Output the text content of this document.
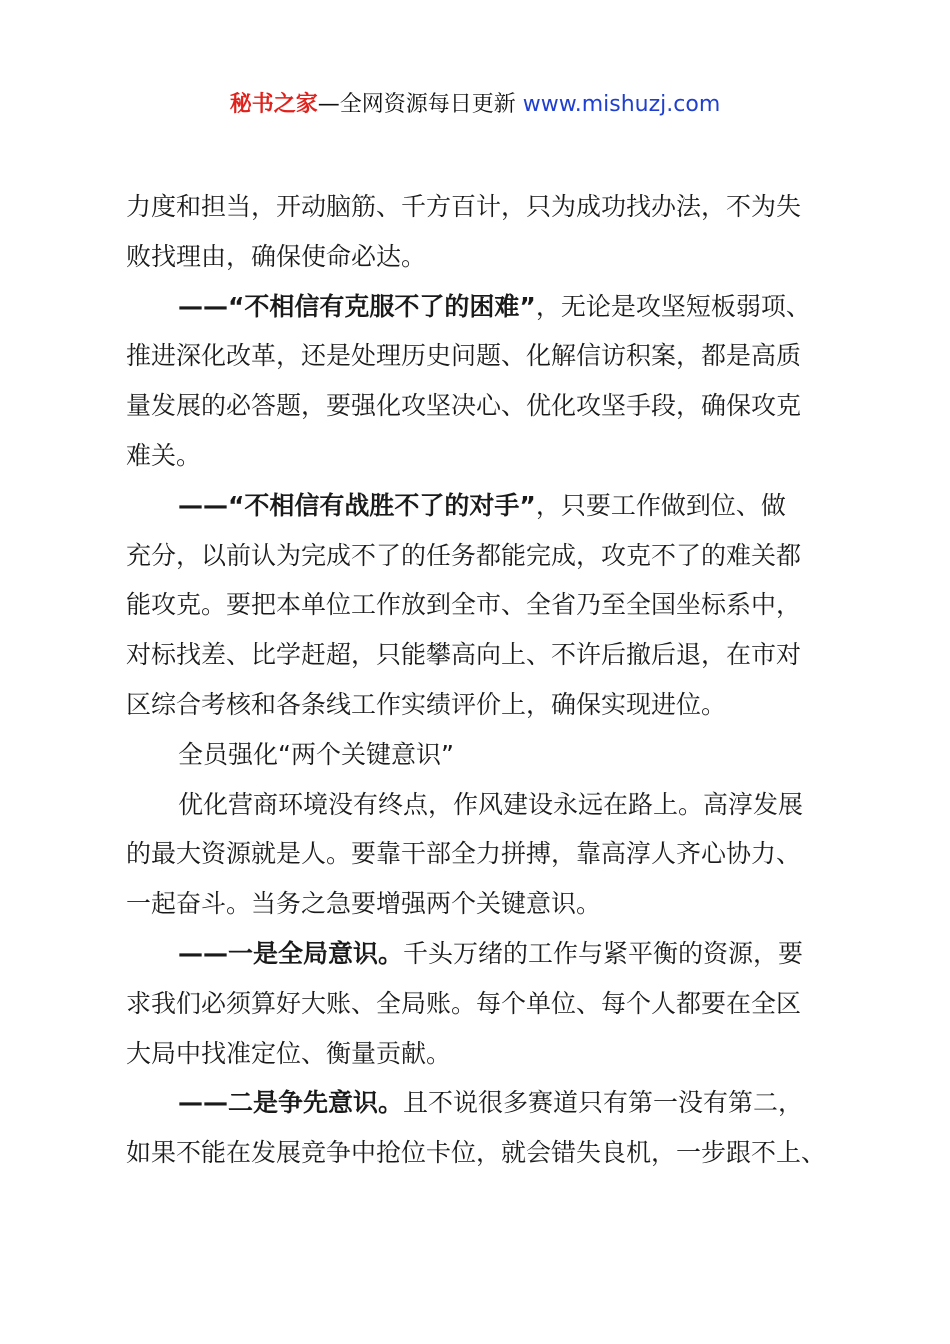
秘书之家—全网资源每日更新 www.mishuzj.com
力度和担当，开动脑筋、千方百计，只为成功找办法，不为失
败找理由，确保使命必达。
——“不相信有克服不了的困难”，无论是攻坚短板弱项、
推进深化改革，还是处理历史问题、化解信访积案，都是高质
量发展的必答题，要强化攻坚决心、优化攻坚手段，确保攻克
难关。
——“不相信有战胜不了的对手”，只要工作做到位、做
充分，以前认为完成不了的任务都能完成，攻克不了的难关都
能攻克。要把本单位工作放到全市、全省乃至全国坐标系中，
对标找差、比学赶超，只能攀高向上、不许后撤后退，在市对
区综合考核和各条线工作实绩评价上，确保实现进位。
全员强化“两个关键意识”
优化营商环境没有终点，作风建设永远在路上。高淳发展
的最大资源就是人。要靠干部全力拼搏，靠高淳人齐心协力、
一起奋斗。当务之急要增强两个关键意识。
——一是全局意识。千头万绪的工作与紧平衡的资源，要
求我们必须算好大账、全局账。每个单位、每个人都要在全区
大局中找准定位、衡量贡献。
——二是争先意识。且不说很多赛道只有第一没有第二，
如果不能在发展竞争中抢位卡位，就会错失良机，一步跟不上、
